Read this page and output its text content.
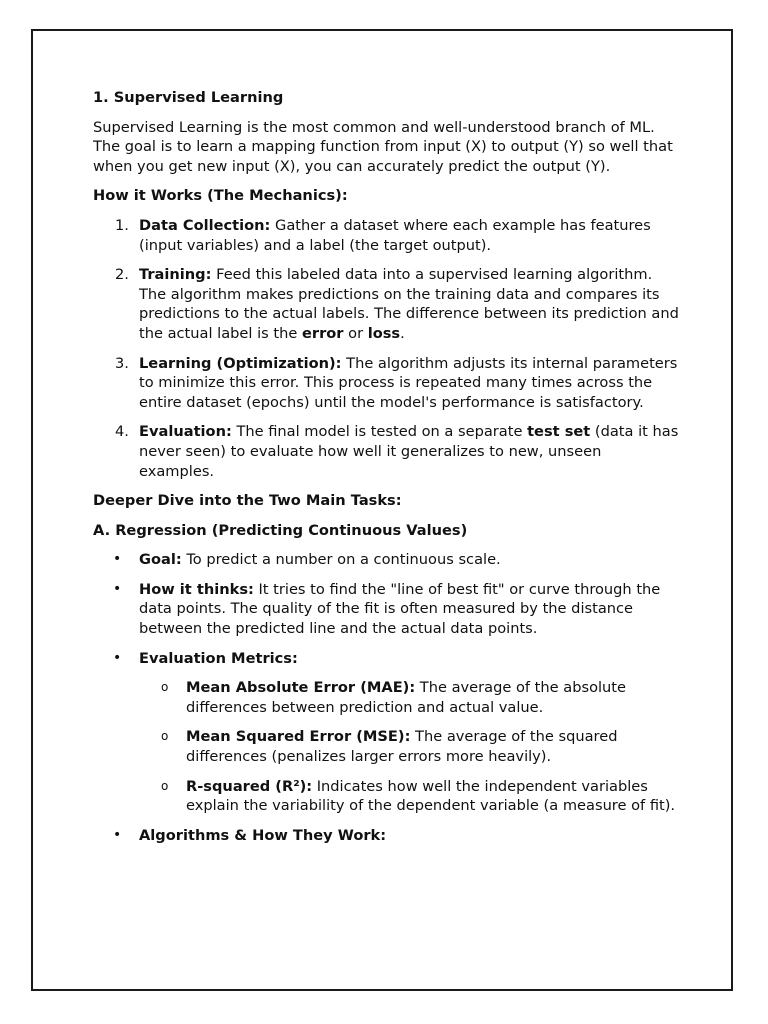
1. Supervised Learning

Supervised Learning is the most common and well-understood branch of ML. The goal is to learn a mapping function from input (X) to output (Y) so well that when you get new input (X), you can accurately predict the output (Y).

How it Works (The Mechanics):

1. Data Collection: Gather a dataset where each example has features (input variables) and a label (the target output).
2. Training: Feed this labeled data into a supervised learning algorithm. The algorithm makes predictions on the training data and compares its predictions to the actual labels. The difference between its prediction and the actual label is the error or loss.
3. Learning (Optimization): The algorithm adjusts its internal parameters to minimize this error. This process is repeated many times across the entire dataset (epochs) until the model's performance is satisfactory.
4. Evaluation: The final model is tested on a separate test set (data it has never seen) to evaluate how well it generalizes to new, unseen examples.

Deeper Dive into the Two Main Tasks:

A. Regression (Predicting Continuous Values)

• Goal: To predict a number on a continuous scale.
• How it thinks: It tries to find the "line of best fit" or curve through the data points. The quality of the fit is often measured by the distance between the predicted line and the actual data points.
• Evaluation Metrics:
o Mean Absolute Error (MAE): The average of the absolute differences between prediction and actual value.
o Mean Squared Error (MSE): The average of the squared differences (penalizes larger errors more heavily).
o R-squared (R²): Indicates how well the independent variables explain the variability of the dependent variable (a measure of fit).
• Algorithms & How They Work:
